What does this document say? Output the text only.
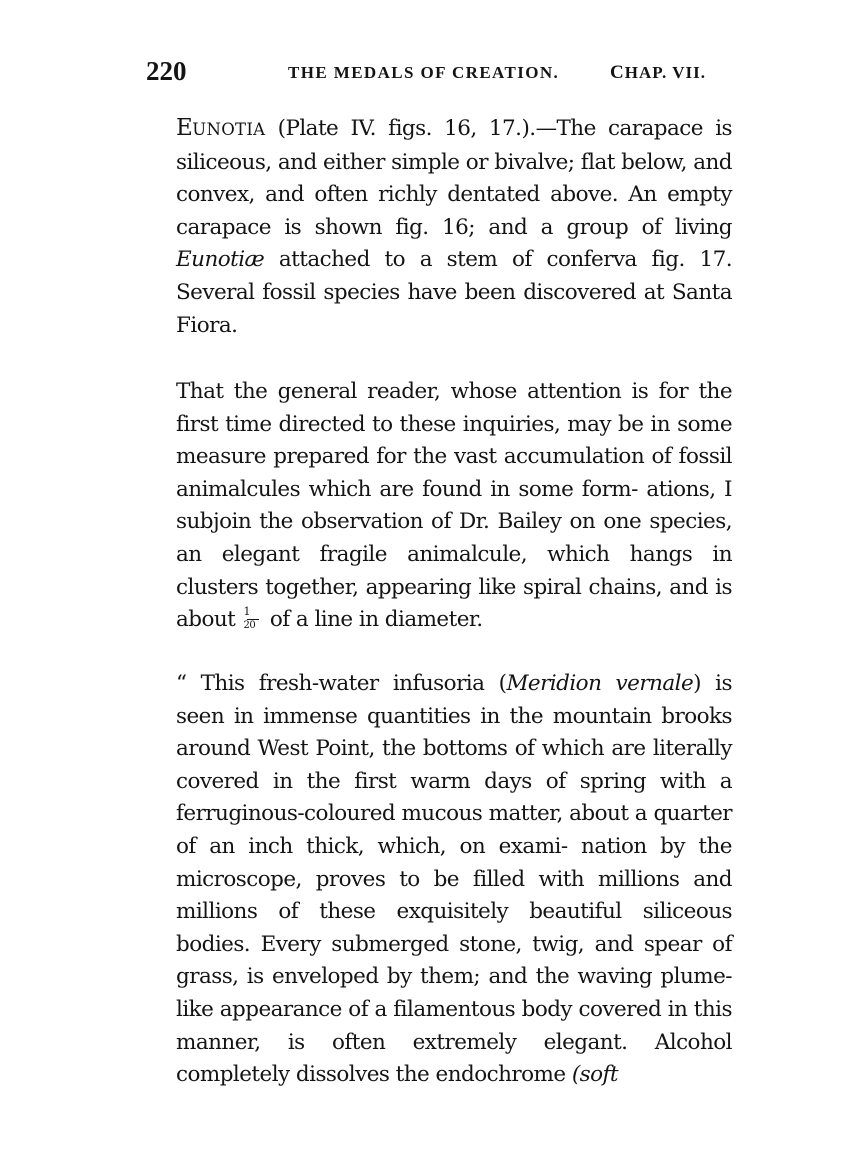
220	THE MEDALS OF CREATION.	CHAP. VII.

EUNOTIA (Plate IV. figs. 16, 17.).—The carapace is siliceous, and either simple or bivalve; flat below, and convex, and often richly dentated above. An empty carapace is shown fig. 16; and a group of living Eunotiæ attached to a stem of conferva fig. 17. Several fossil species have been discovered at Santa Fiora.

That the general reader, whose attention is for the first time directed to these inquiries, may be in some measure prepared for the vast accumulation of fossil animalcules which are found in some form- ations, I subjoin the observation of Dr. Bailey on one species, an elegant fragile animalcule, which hangs in clusters together, appearing like spiral chains, and is about $\frac{1}{20}$ of a line in diameter.

“ This fresh-water infusoria (Meridion vernale) is seen in immense quantities in the mountain brooks around West Point, the bottoms of which are literally covered in the first warm days of spring with a ferruginous-coloured mucous matter, about a quarter of an inch thick, which, on exami- nation by the microscope, proves to be filled with millions and millions of these exquisitely beautiful siliceous bodies. Every submerged stone, twig, and spear of grass, is enveloped by them; and the waving plume-like appearance of a filamentous body covered in this manner, is often extremely elegant. Alcohol completely dissolves the endochrome (soft
